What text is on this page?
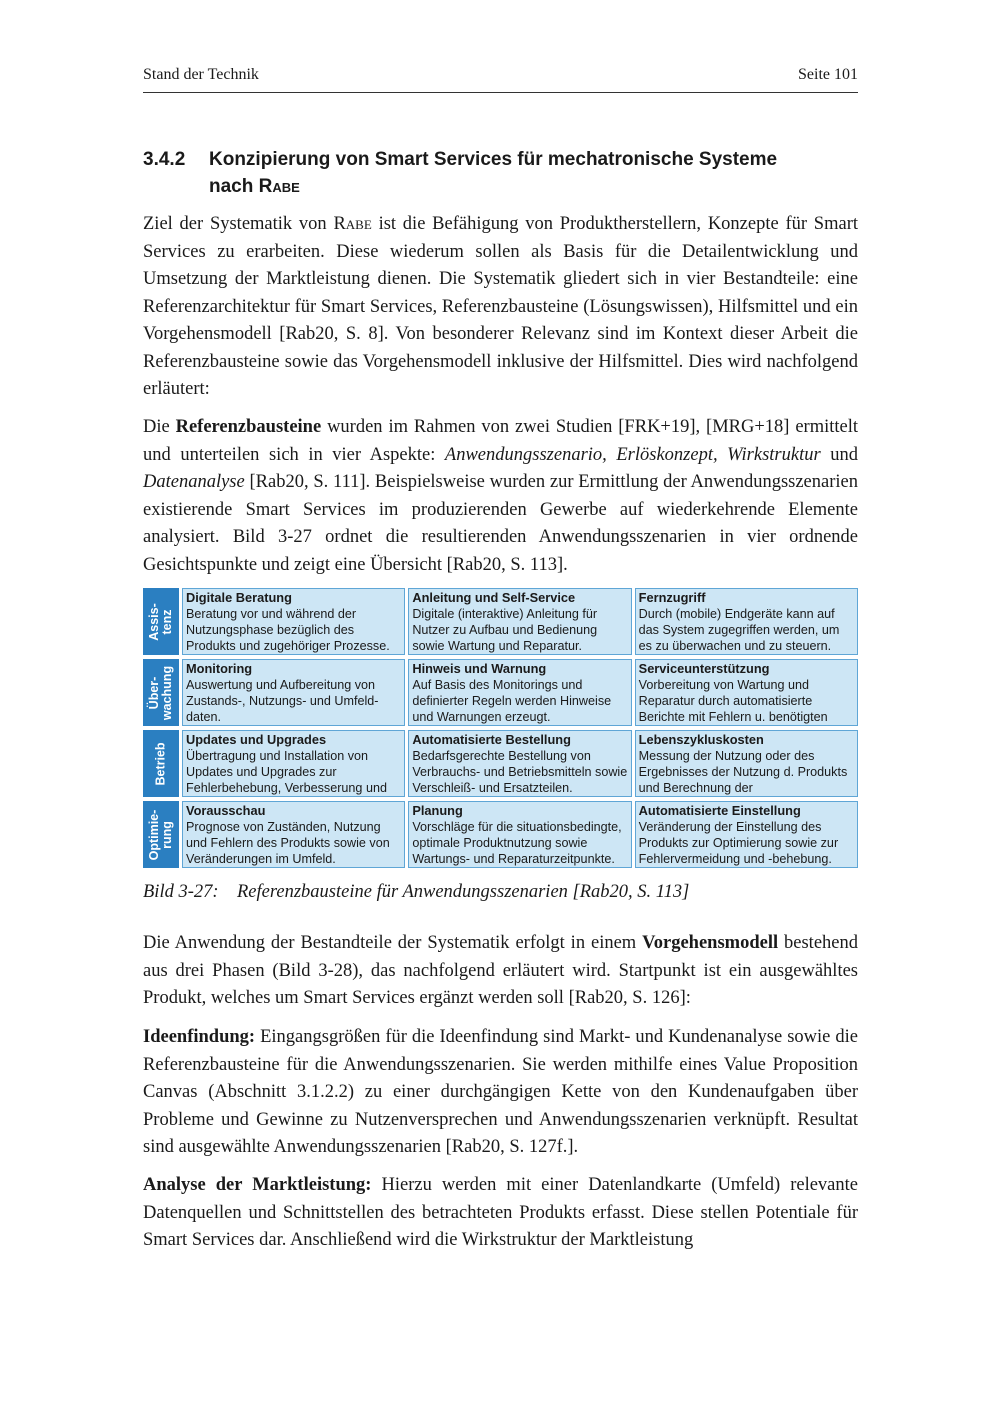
Stand der Technik	Seite 101
3.4.2 Konzipierung von Smart Services für mechatronische Systeme
nach Rabe

Ziel der Systematik von Rabe ist die Befähigung von Produktherstellern, Konzepte für Smart Services zu erarbeiten. Diese wiederum sollen als Basis für die Detailentwicklung und Umsetzung der Marktleistung dienen. Die Systematik gliedert sich in vier Bestandteile: eine Referenzarchitektur für Smart Services, Referenzbausteine (Lösungswissen), Hilfsmittel und ein Vorgehensmodell [Rab20, S. 8]. Von besonderer Relevanz sind im Kontext dieser Arbeit die Referenzbausteine sowie das Vorgehensmodell inklusive der Hilfsmittel. Dies wird nachfolgend erläutert:

Die Referenzbausteine wurden im Rahmen von zwei Studien [FRK+19], [MRG+18] ermittelt und unterteilen sich in vier Aspekte: Anwendungsszenario, Erlöskonzept, Wirkstruktur und Datenanalyse [Rab20, S. 111]. Beispielsweise wurden zur Ermittlung der Anwendungsszenarien existierende Smart Services im produzierenden Gewerbe auf wiederkehrende Elemente analysiert. Bild 3-27 ordnet die resultierenden Anwendungsszenarien in vier ordnende Gesichtspunkte und zeigt eine Übersicht [Rab20, S. 113].

Assis-
tenz
Digitale Beratung
Beratung vor und während der Nutzungsphase bezüglich des Produkts und zugehöriger Prozesse.
Anleitung und Self-Service
Digitale (interaktive) Anleitung für Nutzer zu Aufbau und Bedienung sowie Wartung und Reparatur.
Fernzugriff
Durch (mobile) Endgeräte kann auf das System zugegriffen werden, um es zu überwachen und zu steuern.
Über-
wachung Monitoring
Auswertung und Aufbereitung von Zustands-, Nutzungs- und Umfeld-daten.
Hinweis und Warnung
Auf Basis des Monitorings und definierter Regeln werden Hinweise und Warnungen erzeugt.
Serviceunterstützung
Vorbereitung von Wartung und Reparatur durch automatisierte Berichte mit Fehlern u. benötigten
Betrieb
Updates und Upgrades
Übertragung und Installation von Updates und Upgrades zur Fehlerbehebung, Verbesserung und
Automatisierte Bestellung
Bedarfsgerechte Bestellung von Verbrauchs- und Betriebsmitteln sowie Verschleiß- und Ersatzteilen.
Lebenszykluskosten
Messung der Nutzung oder des Ergebnisses der Nutzung d. Produkts und Berechnung der
Optimie-
rung
Vorausschau
Prognose von Zuständen, Nutzung und Fehlern des Produkts sowie von Veränderungen im Umfeld.
Planung
Vorschläge für die situationsbedingte, optimale Produktnutzung sowie Wartungs- und Reparaturzeitpunkte.
Automatisierte Einstellung
Veränderung der Einstellung des Produkts zur Optimierung sowie zur Fehlervermeidung und -behebung.
Bild 3-27: Referenzbausteine für Anwendungsszenarien [Rab20, S. 113]

Die Anwendung der Bestandteile der Systematik erfolgt in einem Vorgehensmodell bestehend aus drei Phasen (Bild 3-28), das nachfolgend erläutert wird. Startpunkt ist ein ausgewähltes Produkt, welches um Smart Services ergänzt werden soll [Rab20, S. 126]:

Ideenfindung: Eingangsgrößen für die Ideenfindung sind Markt- und Kundenanalyse sowie die Referenzbausteine für die Anwendungsszenarien. Sie werden mithilfe eines Value Proposition Canvas (Abschnitt 3.1.2.2) zu einer durchgängigen Kette von den Kundenaufgaben über Probleme und Gewinne zu Nutzenversprechen und Anwendungsszenarien verknüpft. Resultat sind ausgewählte Anwendungsszenarien [Rab20, S. 127f.].

Analyse der Marktleistung: Hierzu werden mit einer Datenlandkarte (Umfeld) relevante Datenquellen und Schnittstellen des betrachteten Produkts erfasst. Diese stellen Potentiale für Smart Services dar. Anschließend wird die Wirkstruktur der Marktleistung
